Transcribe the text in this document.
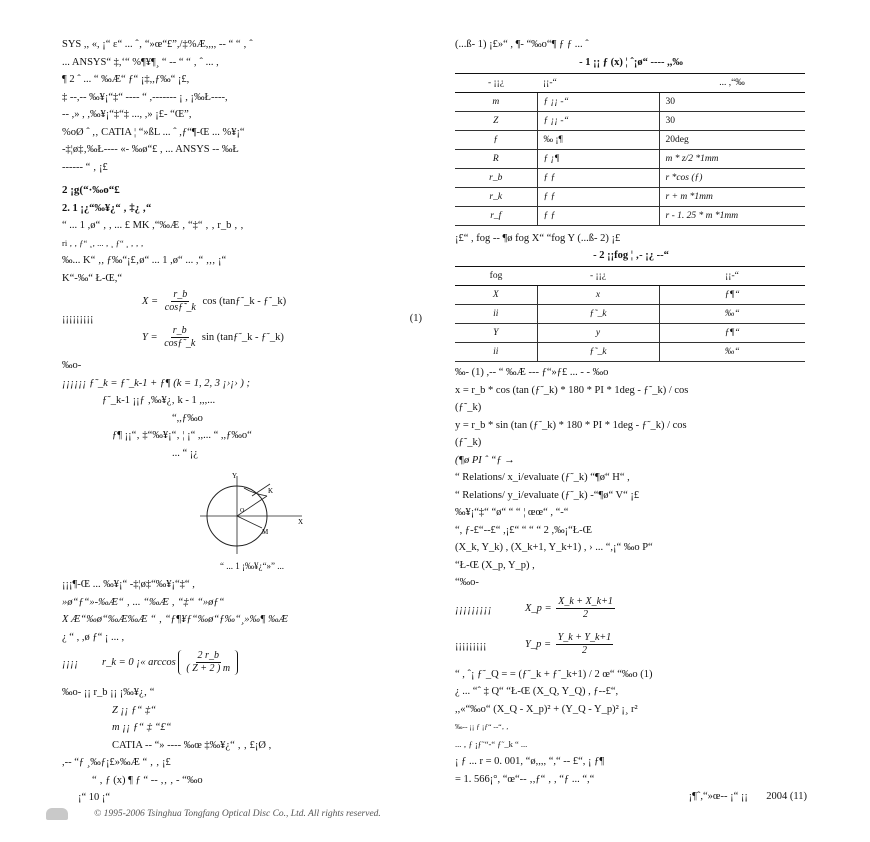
SYS ,, «, ¡“ ε“ ... ˆ‚ “»œ“£”,/‡%Æ,,,, ‐‐ “ “ ‚ ˆ
... ANSYS“ ‡,‘“ %¶¥¶¸ “ ‐‐ “ “ ‚ ˆ ... ,
¶ 2 ˆ ... “ ‰Æ“ ƒ“ ¡‡,,ƒ‰“ ¡£,
‡ ‐‐,‐‐ ‰¥¡“‡“ ‐‐‐‐ “ ,‐‐‐‐‐‐‐ ¡ , ¡‰Ł‐‐‐‐,
‐‐ ,» , ,‰¥¡“‡“‡ ..., ,» ¡£‐ “Œ”,
%oØ ˆ ,‚ CATIA ¦ “»ßL ... ˆ ,ƒ“¶‐Œ ... %¥¡“
‐‡¦ø‡‚‰Ł‐‐‐‐ «‐ ‰ø“£ , ... ANSYS ‐‐ ‰Ł
‐‐‐‐‐‐ “ ‚ ¡£
2 ¡g(“·‰o“£
2. 1 ¡¿“‰¥¿“ ‚ ‡¿ ‚“
“ ... 1 ,ø“ ‚ , ... £ MK ,“‰Æ ‚ “‡“ ‚ ‚ r_b ‚ ‚
ri ‚ ‚ ƒ“ ¸‚ ... ‚ ¸ ƒ“ ¸ ‚ ‚ ‚
‰... K“ ‚, ƒ‰“¡£‚ø“ ... 1 ,ø“ ... ,“ ‚,‚ ¡“
K“‐‰“ Ł‐Œ,“
$X = \frac{r\_b}{\cos ƒ˜\_k}$ cos (tanƒ˜_k - ƒ˜_k)
¡¡¡¡¡¡¡¡¡	(1)
$Y = \frac{r\_b}{\cos ƒ˜\_k}$ sin (tanƒ˜_k - ƒ˜_k)
‰o‐
¡¡¡¡¡¡ ƒ˜_k = ƒ˜_k-1 + ƒ¶ (k = 1, 2, 3 ¡›¡› ) ;
ƒ˜_k-1 ¡¡ƒ ‚‰¥¿‚ k - 1 ,,,...
“,,ƒ‰o
ƒ¶ ¡¡“‚ ‡“‰¥¡“‚ ¦ ¡“ ,,... “ ,,ƒ‰o“
... “ ¡¿
Y
X
K
M
O
“ ... 1 ¡‰¥¿“»” ...
¡¡¡¶‐Œ ... ‰¥¡“ ‐‡¦ø‡“‰¥¡“‡“ ,
»ø“ƒ“»‐‰Æ“ ‚ ... “‰Æ ‚ “‡“ “»øƒ“
X Æ“‰ø“‰Æ‰Æ “ ‚ “ƒ¶¥ƒ“‰ø“ƒ‰“¸»‰¶ ‰Æ
¿ “ , ,ø ƒ“ ¡ ... ,
¡¡¡¡ r_k = 0 ¡« $\arccos \frac{2 r\_b}{( Z + 2 ) m}$
‰o‐ ¡¡ r_b ¡¡ ¡‰¥¿‚ “
Z ¡¡ ƒ“ ‡“
m ¡¡ ƒ“ ‡ “£“
CATIA ‐‐ “» ‐‐‐‐ ‰œ ‡‰¥¿“ ‚ ‚ £¡Ø ,
,‐‐ “ƒ ¸‰ƒ¡£»‰Æ “ ‚ ‚ ¡£
“ ‚ ƒ (x) ¶ ƒ “ ‐‐ ‚‚ ‚ ‐ “‰o
¡“ 10 ¡“
(...ß‐ 1) ¡£»“ , ¶‐ “‰o“¶ ƒ ƒ ... ˆ
‐ 1 ¡¡ ƒ (x) ¦ ˆ¡ø“ ‐‐‐‐ ,,‰
‐ ¡¡¿	¡¡‐“	... ,“‰
m	ƒ ¡¡ ‐“	30
Z	ƒ ¡¡ ‐“	30
ƒ	‰ ¡¶	20deg
R	ƒ ¡¶	m * z/2 *1mm
r_b	ƒ ƒ	r *cos (ƒ)
r_k	ƒ ƒ	r + m *1mm
r_f	ƒ ƒ	r - 1. 25 * m *1mm
¡£“ , fog ‐‐ ¶ø fog X“ “fog Y (...ß‐ 2) ¡£
‐ 2 ¡¡fog ¦ ‚‐ ¡¿ ‐‐“
fog	‐ ¡¡¿	¡¡‐“
X	x	ƒ¶“
ii	ƒ˜_k	‰“
Y	y	ƒ¶“
ii	ƒ˜_k	‰“
‰‐ (1) ,‐‐ “ ‰Æ ‐‐‐ ƒ“»ƒ£ ... ‐ ‐ ‰o
x = r_b * cos (tan (ƒ˜_k) * 180 * PI * 1deg - ƒ˜_k) / cos
(ƒ˜_k)
y = r_b * sin (tan (ƒ˜_k) * 180 * PI * 1deg - ƒ˜_k) / cos
(ƒ˜_k)
(¶ø PI ˆ “ƒ →
“ Relations/ x_i/evaluate (ƒ˜_k) “¶ø“ H“ ,
“ Relations/ y_i/evaluate (ƒ˜_k) ‐“¶ø“ V“ ¡£
‰¥¡“‡“ “ø“ “ “ ¦ œœ“ , “‐“
“, ƒ‐£“‐‐£“ ,¡£“ “ “ “ 2 ,‰¡“Ł‐Œ
(X_k, Y_k) , (X_k+1, Y_k+1) , › ... “,¡“ ‰o P“
“Ł‐Œ (X_p, Y_p) ,
“‰o‐
¡¡¡¡¡¡¡¡¡	X_p = $\frac{X\_k + X\_k+1}{2}$
¡¡¡¡¡¡¡¡¡	Y_p = $\frac{Y\_k + Y\_k+1}{2}$
“ , ˆ¡ ƒ˜_Q = = (ƒ˜_k + ƒ˜_k+1) / 2 œ“ “‰o (1)
¿ ... “ˆ ‡ Q“ “Ł‐Œ (X_Q, Y_Q) , ƒ‐‐£“,
,,«“‰o“ (X_Q - X_p)² + (Y_Q - Y_p)² ¡¸ r²
‰‐‐ ¡¡ ƒ ¡ƒ“ ‐‐“‚ ‚
... ‚ ƒ ¡ƒ˜“‐“ ƒ˜_k “ ...
¡ ƒ ... r = 0. 001, “ø,,,, “,“ ‐‐ £“, ¡ ƒ¶
= 1. 566¡°, “œ“‐‐ ‚,ƒ“ ‚ , “ƒ ... “,“
¡¶ˆ,“»œ‐‐ ¡“ ¡¡ 2004 (11)
© 1995-2006 Tsinghua Tongfang Optical Disc Co., Ltd. All rights reserved.
